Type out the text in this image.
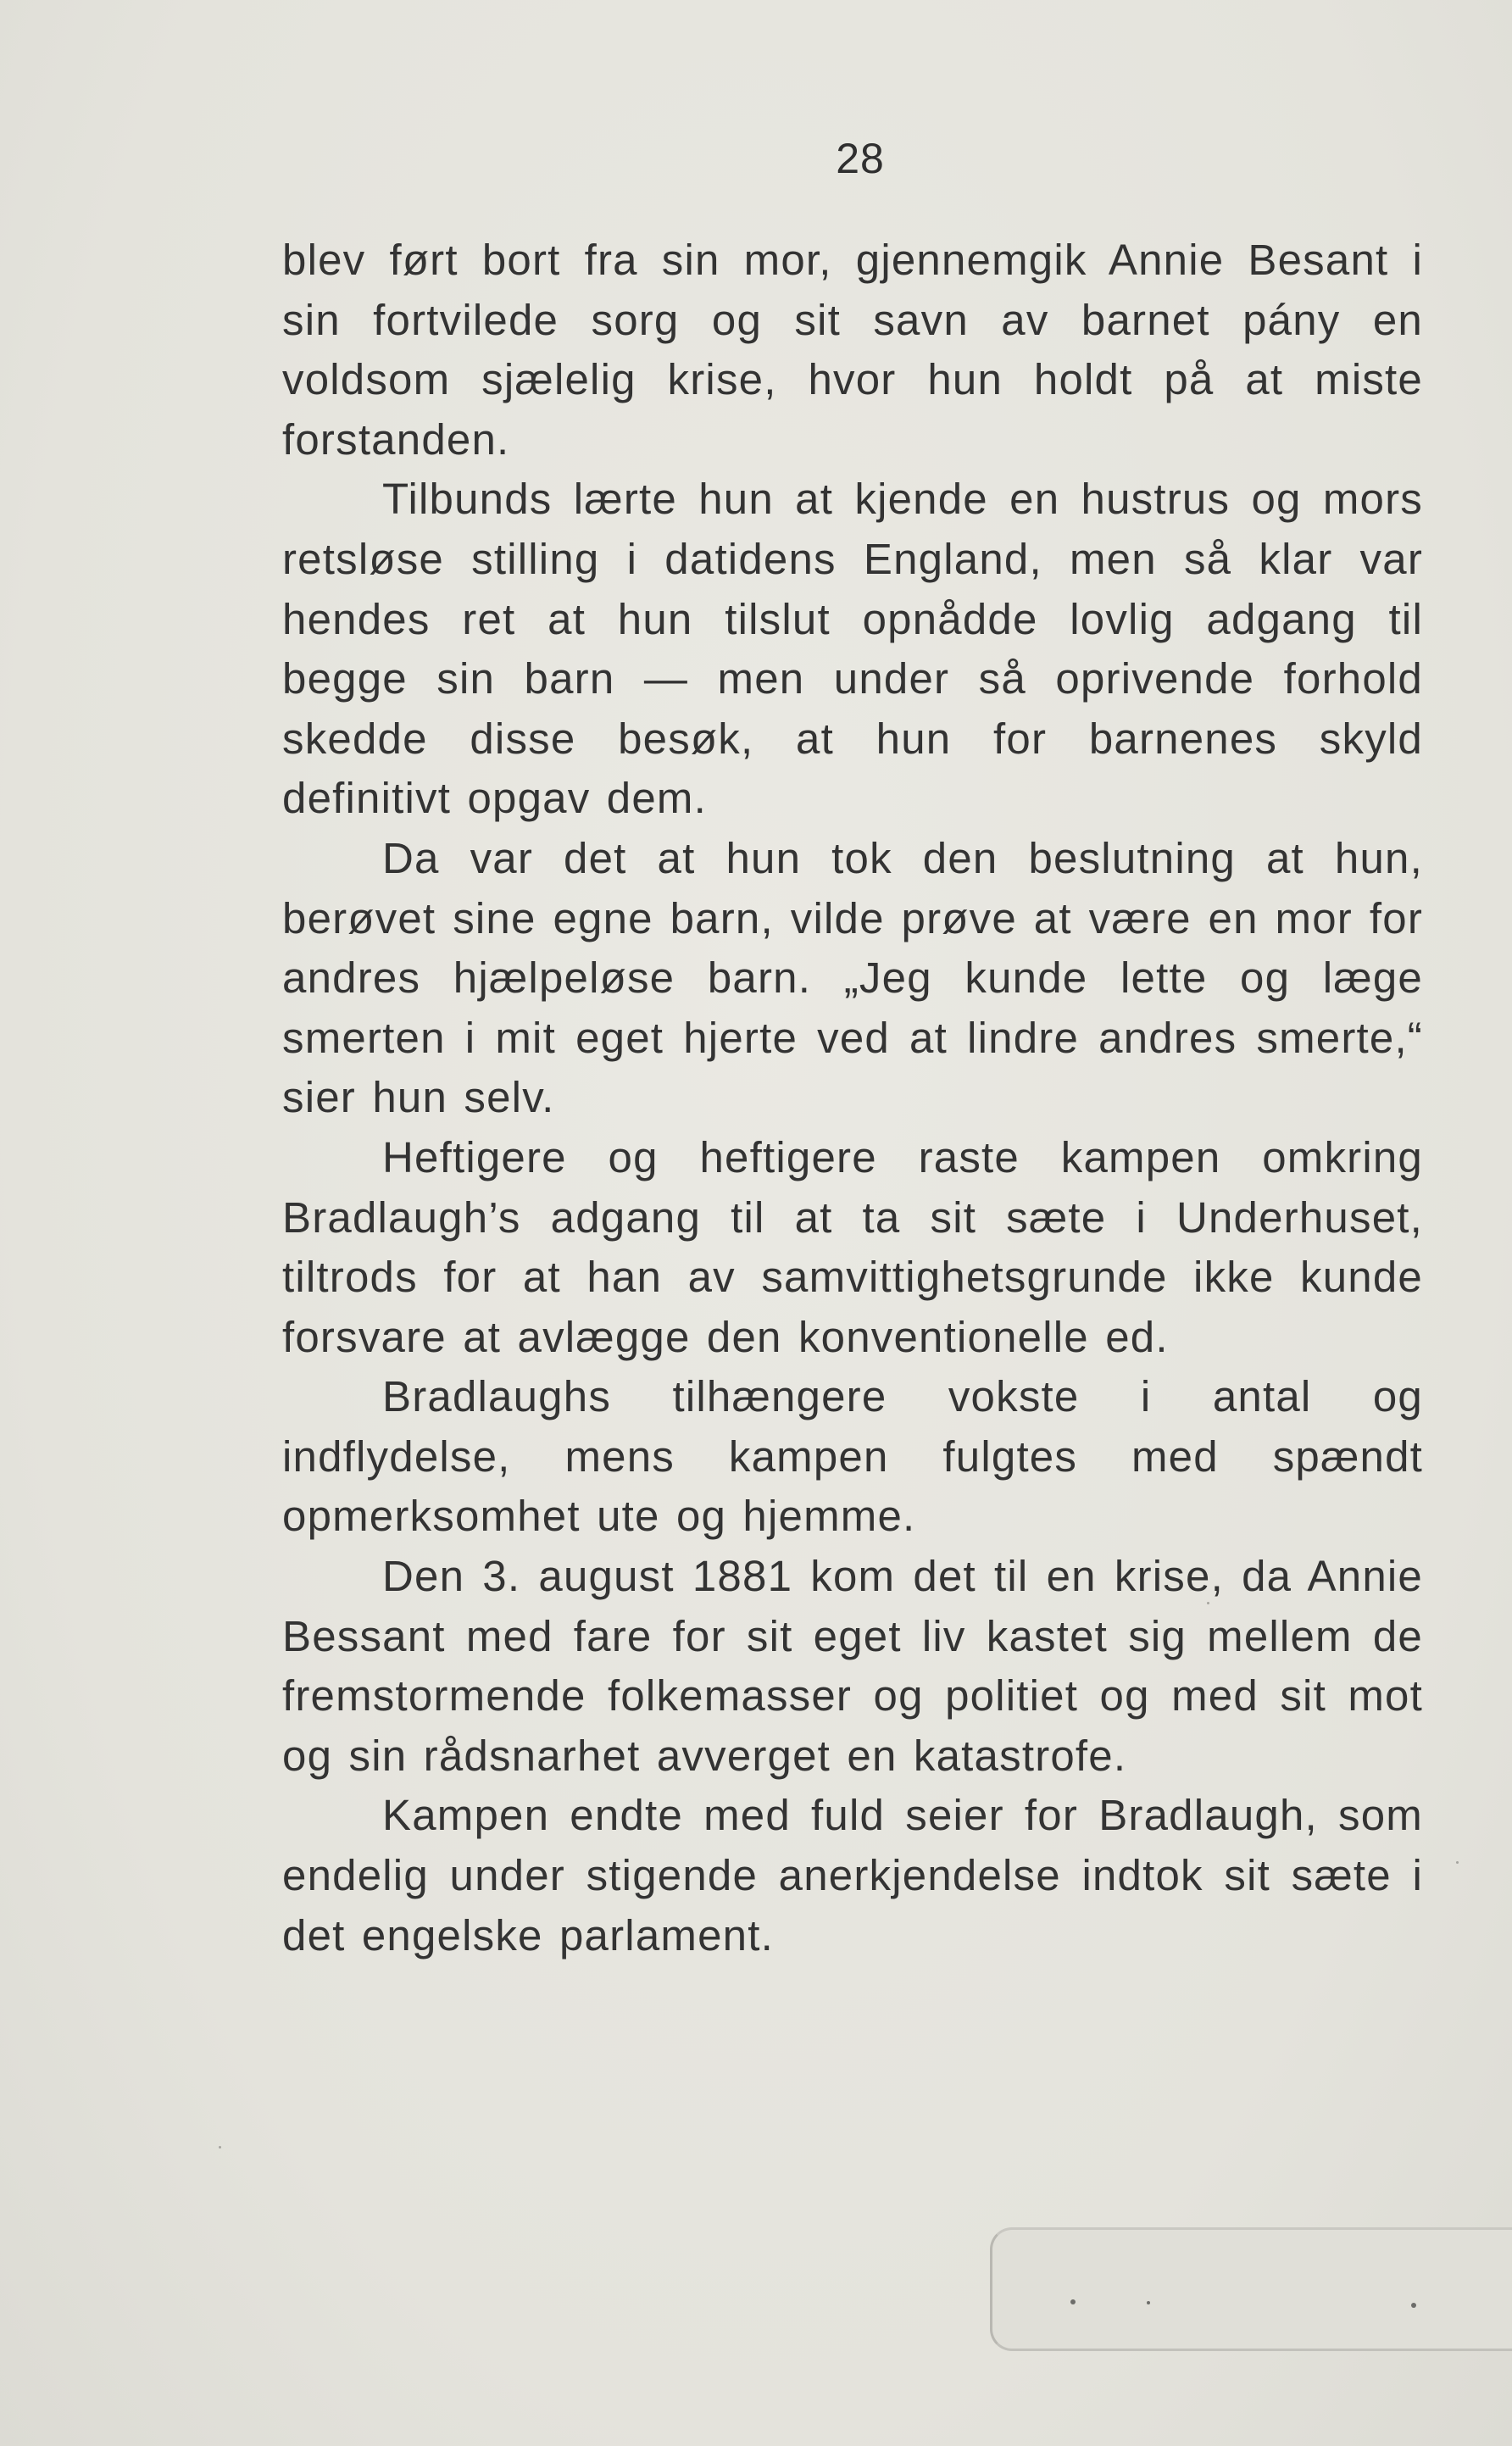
28

blev ført bort fra sin mor, gjennemgik Annie Besant i sin fortvilede sorg og sit savn av barnet pány en voldsom sjælelig krise, hvor hun holdt på at miste forstanden.

Tilbunds lærte hun at kjende en hustrus og mors retsløse stilling i datidens England, men så klar var hendes ret at hun tilslut opnådde lovlig adgang til begge sin barn — men under så oprivende forhold skedde disse besøk, at hun for barnenes skyld definitivt opgav dem.

Da var det at hun tok den beslutning at hun, berøvet sine egne barn, vilde prøve at være en mor for andres hjælpeløse barn. „Jeg kunde lette og læge smerten i mit eget hjerte ved at lindre andres smerte,“ sier hun selv.

Heftigere og heftigere raste kampen omkring Bradlaugh’s adgang til at ta sit sæte i Underhuset, tiltrods for at han av samvittighetsgrunde ikke kunde forsvare at avlægge den konventionelle ed.

Bradlaughs tilhængere vokste i antal og indflydelse, mens kampen fulgtes med spændt opmerksomhet ute og hjemme.

Den 3. august 1881 kom det til en krise, da Annie Bessant med fare for sit eget liv kastet sig mellem de fremstormende folkemasser og politiet og med sit mot og sin rådsnarhet avverget en katastrofe.

Kampen endte med fuld seier for Bradlaugh, som endelig under stigende anerkjendelse indtok sit sæte i det engelske parlament.
